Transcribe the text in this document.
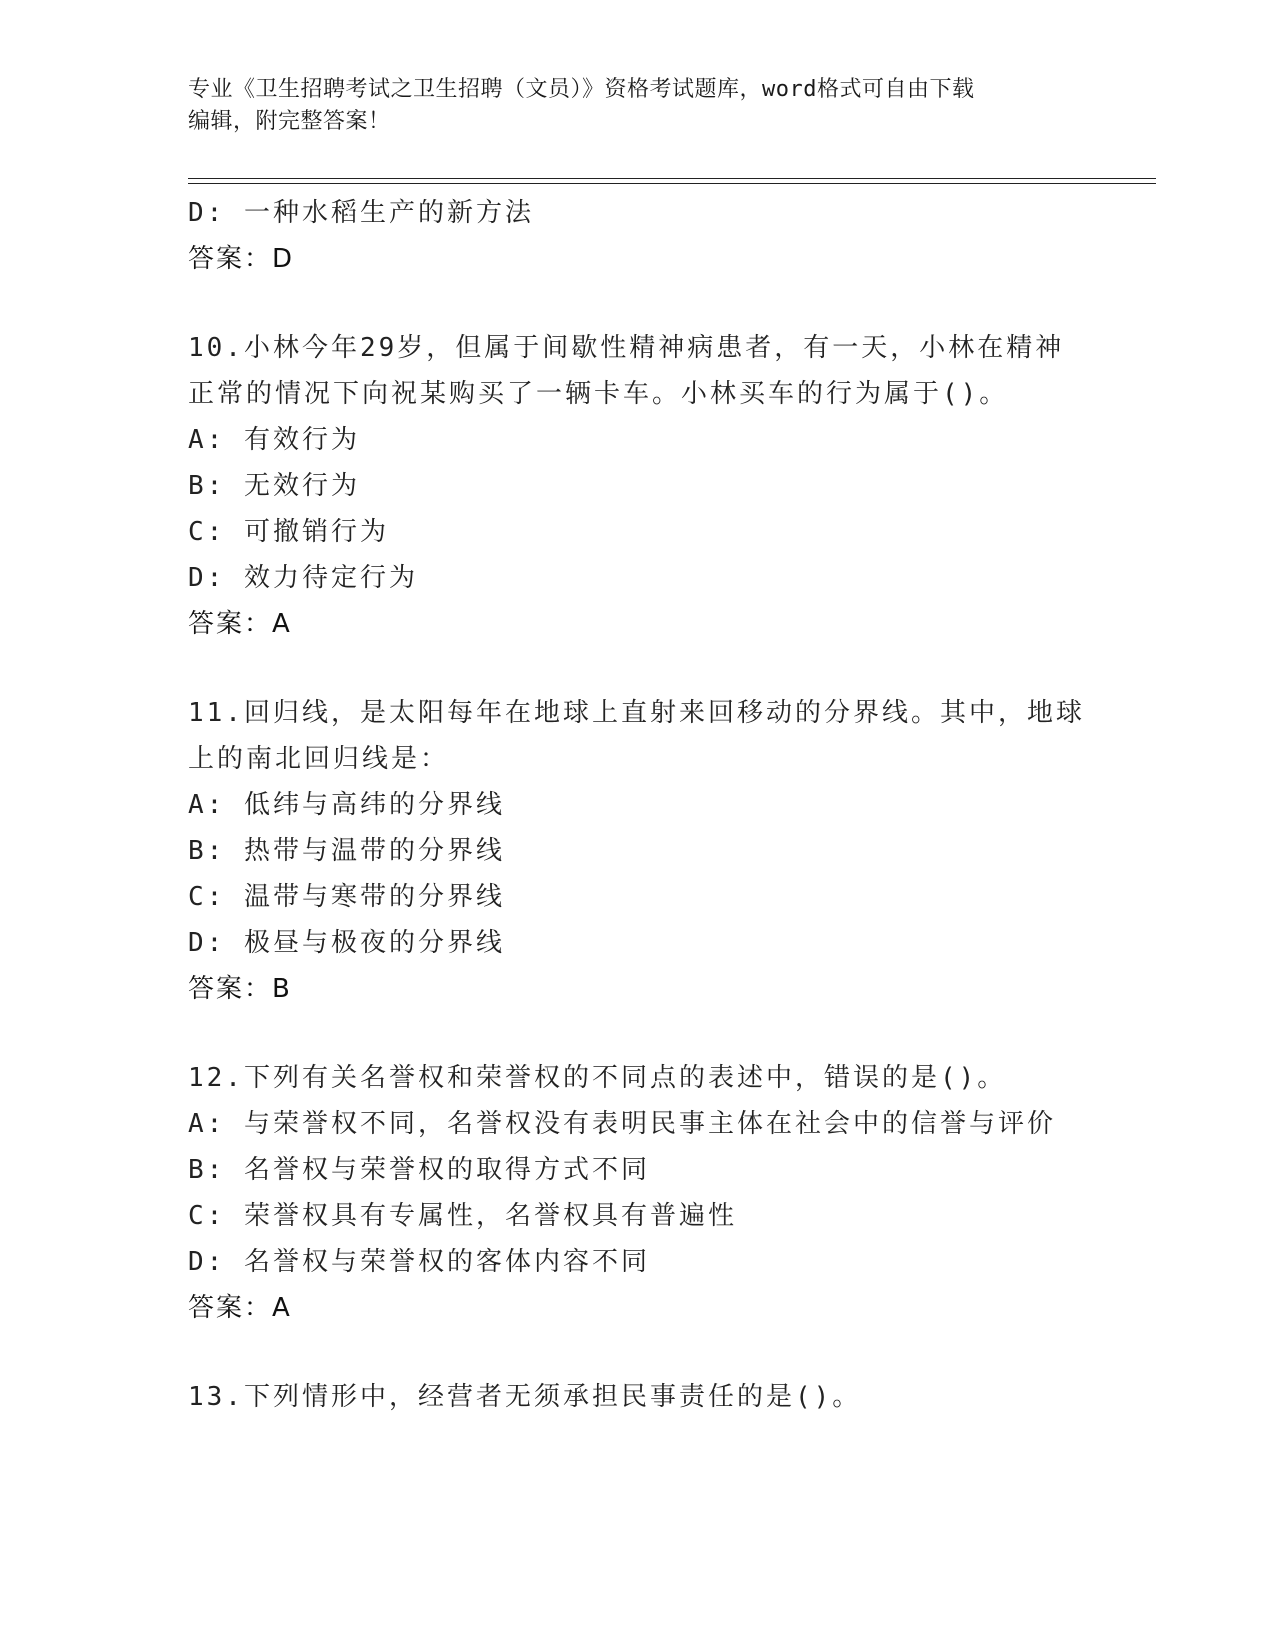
专业《卫生招聘考试之卫生招聘（文员）》资格考试题库，word格式可自由下载
编辑，附完整答案！
D: 一种水稻生产的新方法
答案：D
10.小林今年29岁，但属于间歇性精神病患者，有一天，小林在精神
正常的情况下向祝某购买了一辆卡车。小林买车的行为属于()。
A: 有效行为
B: 无效行为
C: 可撤销行为
D: 效力待定行为
答案：A
11.回归线，是太阳每年在地球上直射来回移动的分界线。其中，地球
上的南北回归线是：
A: 低纬与高纬的分界线
B: 热带与温带的分界线
C: 温带与寒带的分界线
D: 极昼与极夜的分界线
答案：B
12.下列有关名誉权和荣誉权的不同点的表述中，错误的是()。
A: 与荣誉权不同，名誉权没有表明民事主体在社会中的信誉与评价
B: 名誉权与荣誉权的取得方式不同
C: 荣誉权具有专属性，名誉权具有普遍性
D: 名誉权与荣誉权的客体内容不同
答案：A
13.下列情形中，经营者无须承担民事责任的是()。
